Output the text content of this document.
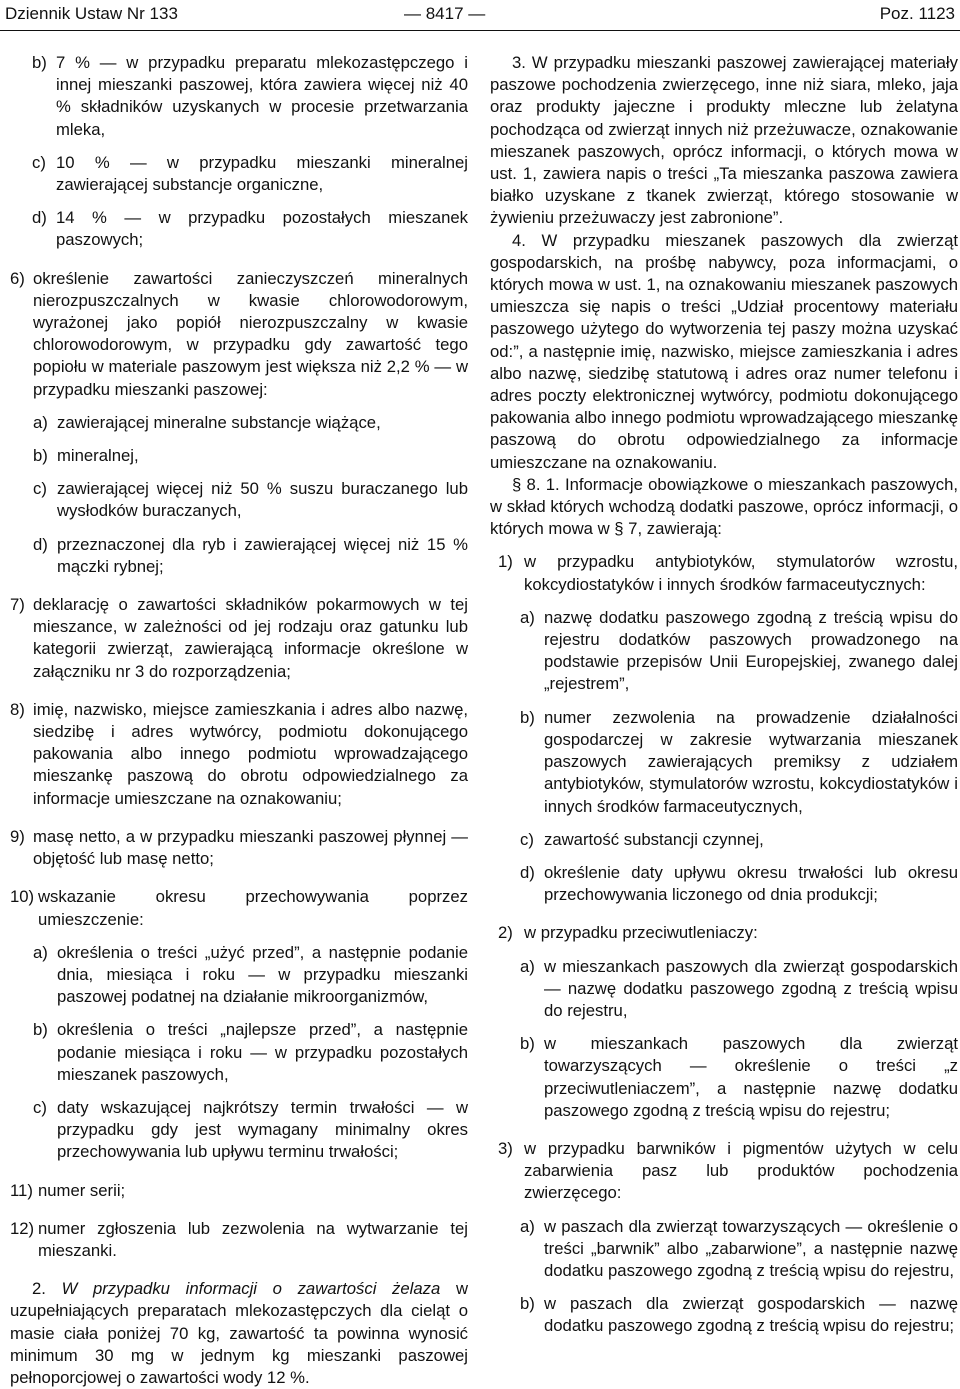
Dziennik Ustaw Nr 133	— 8417 —	Poz. 1123
b) 7 % — w przypadku preparatu mlekozastępczego i innej mieszanki paszowej, która zawiera więcej niż 40 % składników uzyskanych w procesie przetwarzania mleka,
c) 10 % — w przypadku mieszanki mineralnej zawierającej substancje organiczne,
d) 14 % — w przypadku pozostałych mieszanek paszowych;
6) określenie zawartości zanieczyszczeń mineralnych nierozpuszczalnych w kwasie chlorowodorowym, wyrażonej jako popiół nierozpuszczalny w kwasie chlorowodorowym, w przypadku gdy zawartość tego popiołu w materiale paszowym jest większa niż 2,2 % — w przypadku mieszanki paszowej:
a) zawierającej mineralne substancje wiążące,
b) mineralnej,
c) zawierającej więcej niż 50 % suszu buraczanego lub wysłodków buraczanych,
d) przeznaczonej dla ryb i zawierającej więcej niż 15 % mączki rybnej;
7) deklarację o zawartości składników pokarmowych w tej mieszance, w zależności od jej rodzaju oraz gatunku lub kategorii zwierząt, zawierającą informacje określone w załączniku nr 3 do rozporządzenia;
8) imię, nazwisko, miejsce zamieszkania i adres albo nazwę, siedzibę i adres wytwórcy, podmiotu dokonującego pakowania albo innego podmiotu wprowadzającego mieszankę paszową do obrotu odpowiedzialnego za informacje umieszczane na oznakowaniu;
9) masę netto, a w przypadku mieszanki paszowej płynnej — objętość lub masę netto;
10) wskazanie okresu przechowywania poprzez umieszczenie:
a) określenia o treści „użyć przed”, a następnie podanie dnia, miesiąca i roku — w przypadku mieszanki paszowej podatnej na działanie mikroorganizmów,
b) określenia o treści „najlepsze przed”, a następnie podanie miesiąca i roku — w przypadku pozostałych mieszanek paszowych,
c) daty wskazującej najkrótszy termin trwałości — w przypadku gdy jest wymagany minimalny okres przechowywania lub upływu terminu trwałości;
11) numer serii;
12) numer zgłoszenia lub zezwolenia na wytwarzanie tej mieszanki.

2. W przypadku informacji o zawartości żelaza w uzupełniających preparatach mlekozastępczych dla cieląt o masie ciała poniżej 70 kg, zawartość ta powinna wynosić minimum 30 mg w jednym kg mieszanki paszowej pełnoporcjowej o zawartości wody 12 %.

3. W przypadku mieszanki paszowej zawierającej materiały paszowe pochodzenia zwierzęcego, inne niż siara, mleko, jaja oraz produkty jajeczne i produkty mleczne lub żelatyna pochodząca od zwierząt innych niż przeżuwacze, oznakowanie mieszanek paszowych, oprócz informacji, o których mowa w ust. 1, zawiera napis o treści „Ta mieszanka paszowa zawiera białko uzyskane z tkanek zwierząt, którego stosowanie w żywieniu przeżuwaczy jest zabronione”.

4. W przypadku mieszanek paszowych dla zwierząt gospodarskich, na prośbę nabywcy, poza informacjami, o których mowa w ust. 1, na oznakowaniu mieszanek paszowych umieszcza się napis o treści „Udział procentowy materiału paszowego użytego do wytworzenia tej paszy można uzyskać od:”, a następnie imię, nazwisko, miejsce zamieszkania i adres albo nazwę, siedzibę statutową i adres oraz numer telefonu i adres poczty elektronicznej wytwórcy, podmiotu dokonującego pakowania albo innego podmiotu wprowadzającego mieszankę paszową do obrotu odpowiedzialnego za informacje umieszczane na oznakowaniu.

§ 8. 1. Informacje obowiązkowe o mieszankach paszowych, w skład których wchodzą dodatki paszowe, oprócz informacji, o których mowa w § 7, zawierają:

1) w przypadku antybiotyków, stymulatorów wzrostu, kokcydiostatyków i innych środków farmaceutycznych:
a) nazwę dodatku paszowego zgodną z treścią wpisu do rejestru dodatków paszowych prowadzonego na podstawie przepisów Unii Europejskiej, zwanego dalej „rejestrem”,
b) numer zezwolenia na prowadzenie działalności gospodarczej w zakresie wytwarzania mieszanek paszowych zawierających premiksy z udziałem antybiotyków, stymulatorów wzrostu, kokcydiostatyków i innych środków farmaceutycznych,
c) zawartość substancji czynnej,
d) określenie daty upływu okresu trwałości lub okresu przechowywania liczonego od dnia produkcji;
2) w przypadku przeciwutleniaczy:
a) w mieszankach paszowych dla zwierząt gospodarskich — nazwę dodatku paszowego zgodną z treścią wpisu do rejestru,
b) w mieszankach paszowych dla zwierząt towarzyszących — określenie o treści „z przeciwutleniaczem”, a następnie nazwę dodatku paszowego zgodną z treścią wpisu do rejestru;
3) w przypadku barwników i pigmentów użytych w celu zabarwienia pasz lub produktów pochodzenia zwierzęcego:
a) w paszach dla zwierząt towarzyszących — określenie o treści „barwnik” albo „zabarwione”, a następnie nazwę dodatku paszowego zgodną z treścią wpisu do rejestru,
b) w paszach dla zwierząt gospodarskich — nazwę dodatku paszowego zgodną z treścią wpisu do rejestru;
